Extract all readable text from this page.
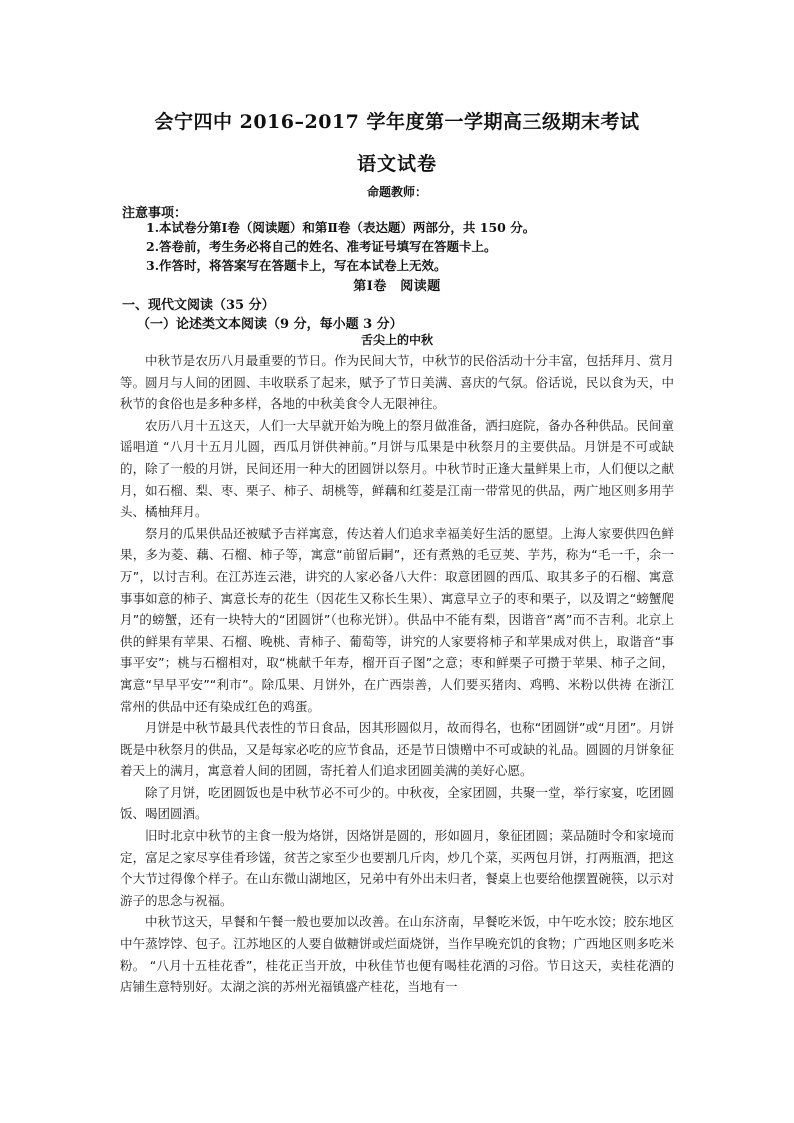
会宁四中 2016–2017 学年度第一学期高三级期末考试
语文试卷
命题教师：
注意事项：
1.本试卷分第Ⅰ卷（阅读题）和第Ⅱ卷（表达题）两部分，共 150 分。
2.答卷前，考生务必将自己的姓名、准考证号填写在答题卡上。
3.作答时，将答案写在答题卡上，写在本试卷上无效。
第Ⅰ卷　阅读题
一、现代文阅读（35 分）
（一）论述类文本阅读（9 分，每小题 3 分）
舌尖上的中秋

中秋节是农历八月最重要的节日。作为民间大节，中秋节的民俗活动十分丰富，包括拜月、赏月等。圆月与人间的团圆、丰收联系了起来，赋予了节日美满、喜庆的气氛。俗话说，民以食为天，中秋节的食俗也是多种多样，各地的中秋美食令人无限神往。

农历八月十五这天，人们一大早就开始为晚上的祭月做准备，洒扫庭院，备办各种供品。民间童谣唱道 “八月十五月儿圆，西瓜月饼供神前。”月饼与瓜果是中秋祭月的主要供品。月饼是不可或缺的，除了一般的月饼，民间还用一种大的团圆饼以祭月。中秋节时正逢大量鲜果上市，人们便以之献月，如石榴、梨、枣、栗子、柿子、胡桃等，鲜藕和红菱是江南一带常见的供品，两广地区则多用芋头、橘柚拜月。

祭月的瓜果供品还被赋予吉祥寓意，传达着人们追求幸福美好生活的愿望。上海人家要供四色鲜果，多为菱、藕、石榴、柿子等，寓意“前留后嗣”，还有煮熟的毛豆荚、芋艿，称为“毛一千，余一万”，以讨吉利。在江苏连云港，讲究的人家必备八大件：取意团圆的西瓜、取其多子的石榴、寓意事事如意的柿子、寓意长寿的花生（因花生又称长生果）、寓意早立子的枣和栗子，以及谓之“螃蟹爬月”的螃蟹，还有一块特大的“团圆饼”（也称光饼）。供品中不能有梨，因谐音“离”而不吉利。北京上供的鲜果有苹果、石榴、晚桃、青柿子、葡萄等，讲究的人家要将柿子和苹果成对供上，取谐音“事事平安”；桃与石榴相对，取“桃献千年寿，榴开百子图”之意；枣和鲜栗子可攒于苹果、柿子之间，寓意“早早平安”“利市”。除瓜果、月饼外，在广西崇善，人们要买猪肉、鸡鸭、米粉以供祷 在浙江常州的供品中还有染成红色的鸡蛋。

月饼是中秋节最具代表性的节日食品，因其形圆似月，故而得名，也称“团圆饼”或“月团”。月饼既是中秋祭月的供品，又是每家必吃的应节食品，还是节日馈赠中不可或缺的礼品。圆圆的月饼象征着天上的满月，寓意着人间的团圆，寄托着人们追求团圆美满的美好心愿。

除了月饼，吃团圆饭也是中秋节必不可少的。中秋夜，全家团圆，共聚一堂，举行家宴，吃团圆饭、喝团圆酒。

旧时北京中秋节的主食一般为烙饼，因烙饼是圆的，形如圆月，象征团圆；菜品随时令和家境而定，富足之家尽享佳肴珍馐，贫苦之家至少也要割几斤肉，炒几个菜，买两包月饼，打两瓶酒，把这个大节过得像个样子。在山东微山湖地区，兄弟中有外出未归者，餐桌上也要给他摆置碗筷，以示对游子的思念与祝福。

中秋节这天，早餐和午餐一般也要加以改善。在山东济南，早餐吃米饭，中午吃水饺；胶东地区中午蒸饽饽、包子。江苏地区的人要自做糖饼或烂面烧饼，当作早晚充饥的食物；广西地区则多吃米粉。 “八月十五桂花香”，桂花正当开放，中秋佳节也便有喝桂花酒的习俗。节日这天，卖桂花酒的店铺生意特别好。太湖之滨的苏州光福镇盛产桂花，当地有一
